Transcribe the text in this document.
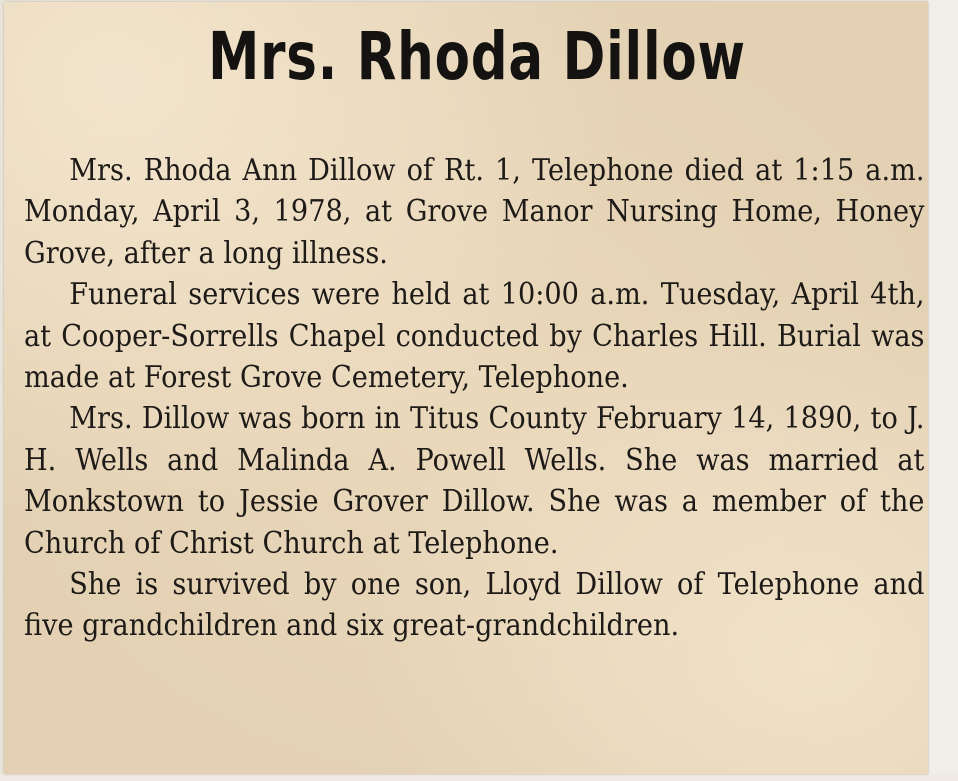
Mrs. Rhoda Dillow

Mrs. Rhoda Ann Dillow of Rt. 1, Telephone died at 1:15 a.m. Monday, April 3, 1978, at Grove Manor Nursing Home, Honey Grove, after a long illness.

Funeral services were held at 10:00 a.m. Tuesday, April 4th, at Cooper-Sorrells Chapel conducted by Charles Hill. Burial was made at Forest Grove Cemetery, Telephone.

Mrs. Dillow was born in Titus County February 14, 1890, to J. H. Wells and Malinda A. Powell Wells. She was married at Monkstown to Jessie Grover Dillow. She was a member of the Church of Christ Church at Telephone.

She is survived by one son, Lloyd Dillow of Telephone and five grandchildren and six great-grandchildren.
